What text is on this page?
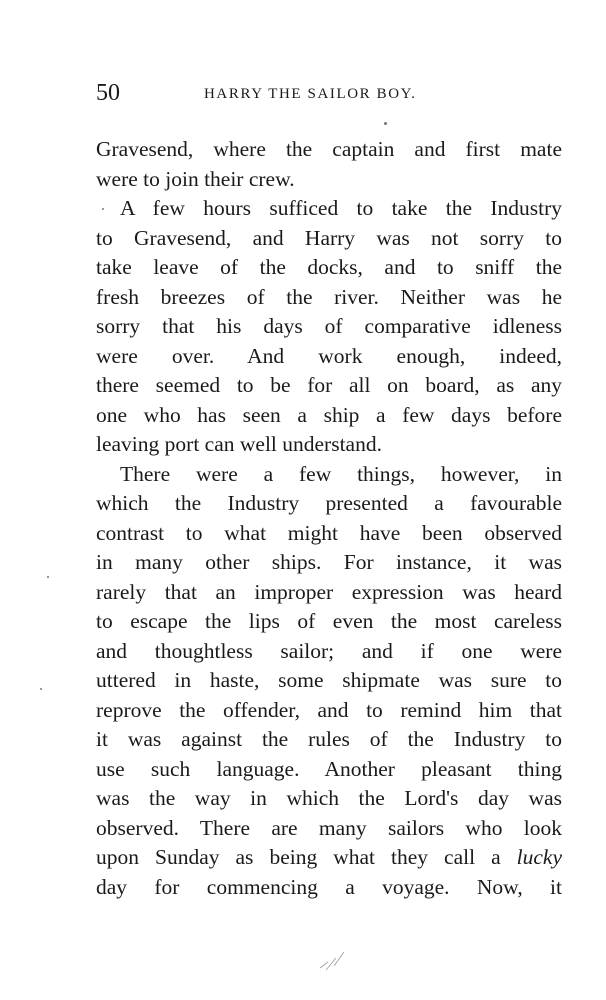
50	HARRY THE SAILOR BOY.
Gravesend, where the captain and first mate
were to join their crew.
A few hours sufficed to take the Industry
to Gravesend, and Harry was not sorry to
take leave of the docks, and to sniff the
fresh breezes of the river. Neither was he
sorry that his days of comparative idleness
were over. And work enough, indeed,
there seemed to be for all on board, as any
one who has seen a ship a few days before
leaving port can well understand.
There were a few things, however, in
which the Industry presented a favourable
contrast to what might have been observed
in many other ships. For instance, it was
rarely that an improper expression was heard
to escape the lips of even the most careless
and thoughtless sailor; and if one were
uttered in haste, some shipmate was sure to
reprove the offender, and to remind him that
it was against the rules of the Industry to
use such language. Another pleasant thing
was the way in which the Lord's day was
observed. There are many sailors who look
upon Sunday as being what they call a lucky
day for commencing a voyage. Now, it
